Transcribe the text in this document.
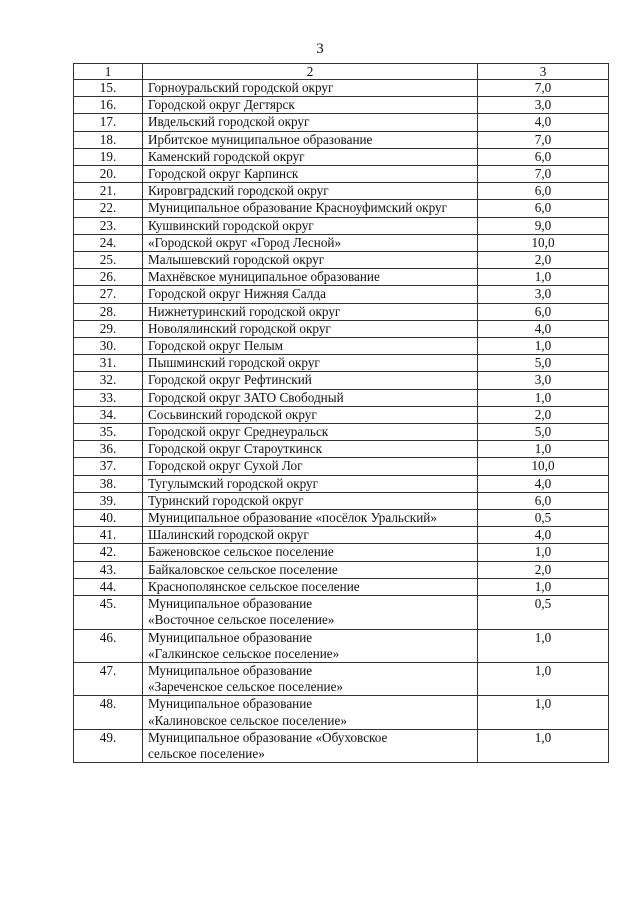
3
1	2	3
15.	Горноуральский городской округ	7,0
16.	Городской округ Дегтярск	3,0
17.	Ивдельский городской округ	4,0
18.	Ирбитское муниципальное образование	7,0
19.	Каменский городской округ	6,0
20.	Городской округ Карпинск	7,0
21.	Кировградский городской округ	6,0
22.	Муниципальное образование Красноуфимский округ	6,0
23.	Кушвинский городской округ	9,0
24.	«Городской округ «Город Лесной»	10,0
25.	Малышевский городской округ	2,0
26.	Махнёвское муниципальное образование	1,0
27.	Городской округ Нижняя Салда	3,0
28.	Нижнетуринский городской округ	6,0
29.	Новолялинский городской округ	4,0
30.	Городской округ Пелым	1,0
31.	Пышминский городской округ	5,0
32.	Городской округ Рефтинский	3,0
33.	Городской округ ЗАТО Свободный	1,0
34.	Сосьвинский городской округ	2,0
35.	Городской округ Среднеуральск	5,0
36.	Городской округ Староуткинск	1,0
37.	Городской округ Сухой Лог	10,0
38.	Тугулымский городской округ	4,0
39.	Туринский городской округ	6,0
40.	Муниципальное образование «посёлок Уральский»	0,5
41.	Шалинский городской округ	4,0
42.	Баженовское сельское поселение	1,0
43.	Байкаловское сельское поселение	2,0
44.	Краснополянское сельское поселение	1,0
45.	Муниципальное образование
«Восточное сельское поселение»	0,5
46.	Муниципальное образование
«Галкинское сельское поселение»	1,0
47.	Муниципальное образование
«Зареченское сельское поселение»	1,0
48.	Муниципальное образование
«Калиновское сельское поселение»	1,0
49.	Муниципальное образование «Обуховское
сельское поселение»	1,0
